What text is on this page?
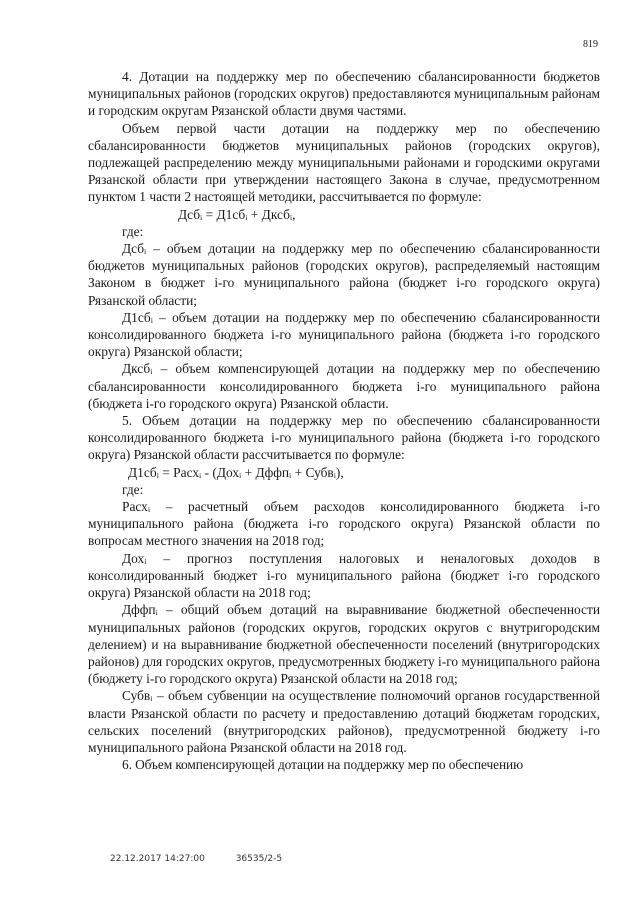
819

4. Дотации на поддержку мер по обеспечению сбалансированности бюджетов муниципальных районов (городских округов) предоставляются муниципальным районам и городским округам Рязанской области двумя частями.

Объем первой части дотации на поддержку мер по обеспечению сбалансированности бюджетов муниципальных районов (городских округов), подлежащей распределению между муниципальными районами и городскими округами Рязанской области при утверждении настоящего Закона в случае, предусмотренном пунктом 1 части 2 настоящей методики, рассчитывается по формуле:

Дсбᵢ = Д1сбᵢ + Дксбᵢ,

где:

Дсбᵢ – объем дотации на поддержку мер по обеспечению сбалансированности бюджетов муниципальных районов (городских округов), распределяемый настоящим Законом в бюджет i-го муниципального района (бюджет i-го городского округа) Рязанской области;

Д1сбᵢ – объем дотации на поддержку мер по обеспечению сбалансированности консолидированного бюджета i-го муниципального района (бюджета i-го городского округа) Рязанской области;

Дксбᵢ – объем компенсирующей дотации на поддержку мер по обеспечению сбалансированности консолидированного бюджета i-го муниципального района (бюджета i-го городского округа) Рязанской области.

5. Объем дотации на поддержку мер по обеспечению сбалансированности консолидированного бюджета i-го муниципального района (бюджета i-го городского округа) Рязанской области рассчитывается по формуле:

Д1сбᵢ = Расхᵢ - (Дохᵢ + Дффпᵢ + Субвᵢ),

где:

Расхᵢ – расчетный объем расходов консолидированного бюджета i-го муниципального района (бюджета i-го городского округа) Рязанской области по вопросам местного значения на 2018 год;

Дохᵢ – прогноз поступления налоговых и неналоговых доходов в консолидированный бюджет i-го муниципального района (бюджет i-го городского округа) Рязанской области на 2018 год;

Дффпᵢ – общий объем дотаций на выравнивание бюджетной обеспеченности муниципальных районов (городских округов, городских округов с внутригородским делением) и на выравнивание бюджетной обеспеченности поселений (внутригородских районов) для городских округов, предусмотренных бюджету i-го муниципального района (бюджету i-го городского округа) Рязанской области на 2018 год;

Субвᵢ – объем субвенции на осуществление полномочий органов государственной власти Рязанской области по расчету и предоставлению дотаций бюджетам городских, сельских поселений (внутригородских районов), предусмотренной бюджету i-го муниципального района Рязанской области на 2018 год.

6. Объем компенсирующей дотации на поддержку мер по обеспечению

22.12.2017 14:27:00	36535/2-5
